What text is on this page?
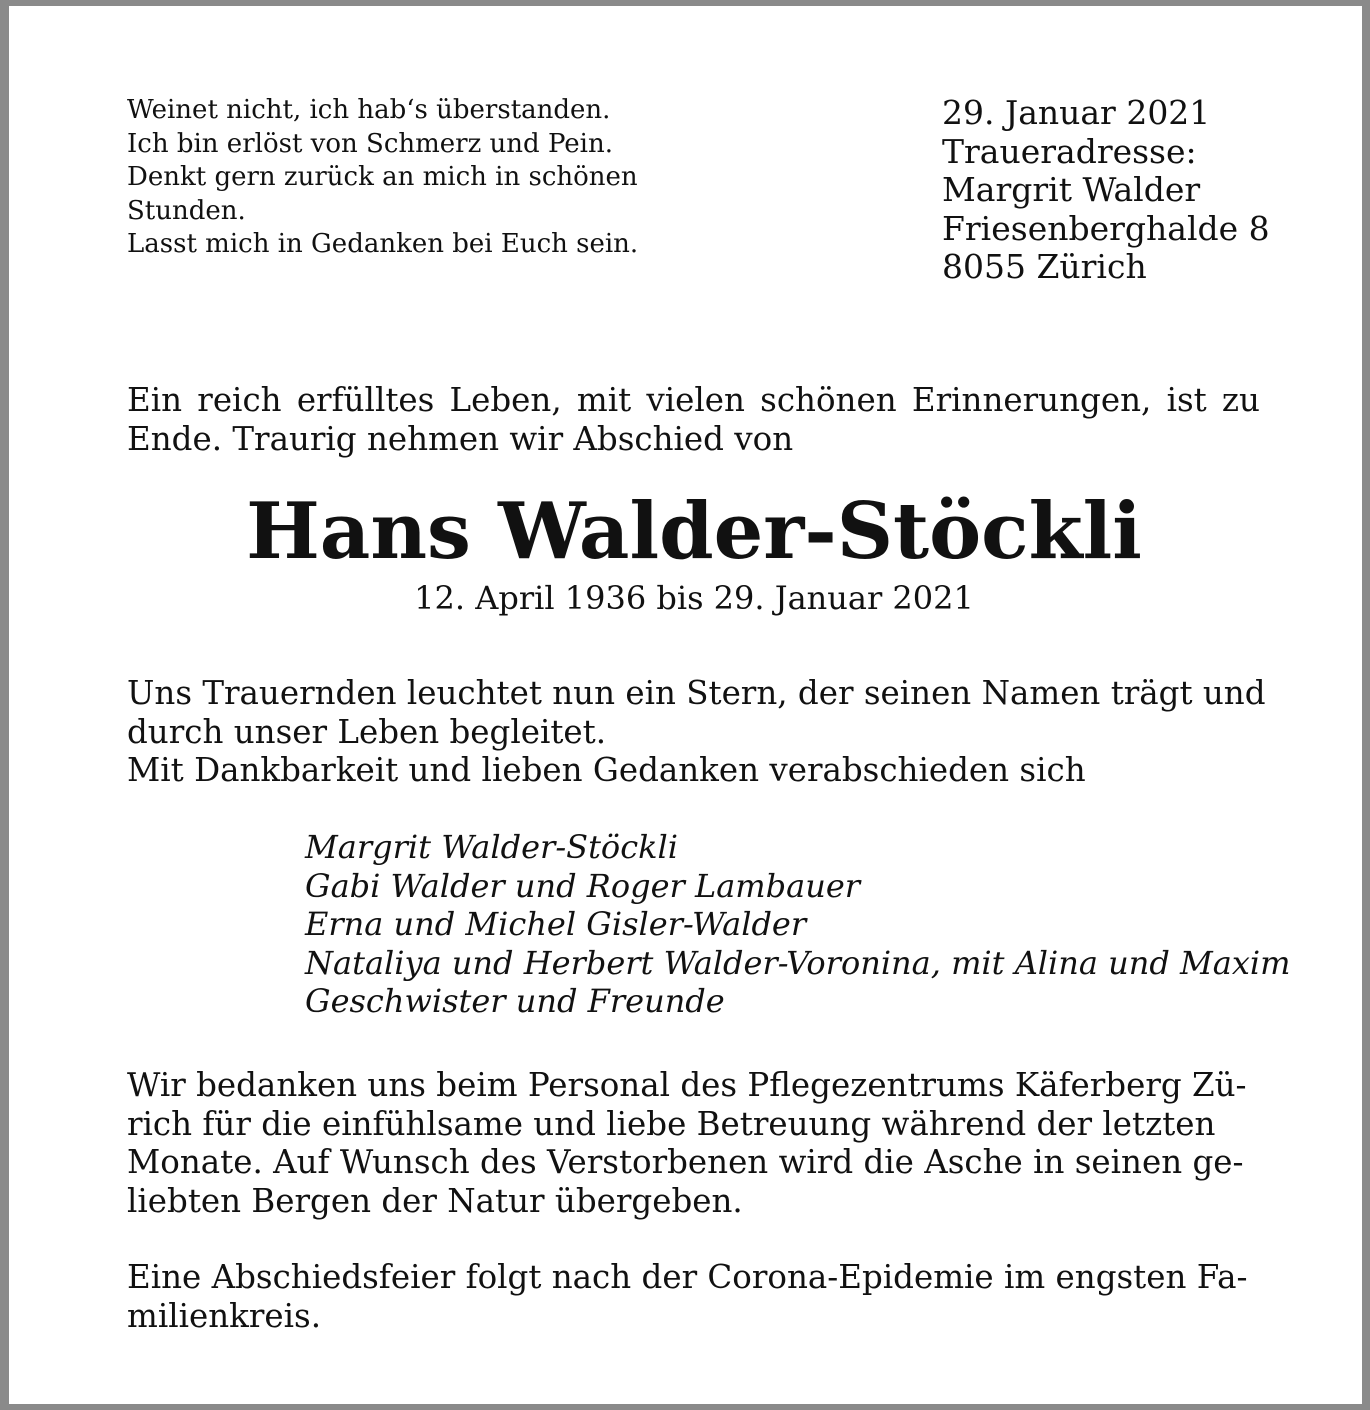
Weinet nicht, ich hab‘s überstanden.
Ich bin erlöst von Schmerz und Pein.
Denkt gern zurück an mich in schönen
Stunden.
Lasst mich in Gedanken bei Euch sein.
29. Januar 2021
Traueradresse:
Margrit Walder
Friesenberghalde 8
8055 Zürich
Ein reich erfülltes Leben, mit vielen schönen Erinnerungen, ist zu Ende. Traurig nehmen wir Abschied von
Hans Walder-Stöckli
12. April 1936 bis 29. Januar 2021
Uns Trauernden leuchtet nun ein Stern, der seinen Namen trägt und
durch unser Leben begleitet.
Mit Dankbarkeit und lieben Gedanken verabschieden sich
Margrit Walder-Stöckli
Gabi Walder und Roger Lambauer
Erna und Michel Gisler-Walder
Nataliya und Herbert Walder-Voronina, mit Alina und Maxim
Geschwister und Freunde
Wir bedanken uns beim Personal des Pflegezentrums Käferberg Zü-
rich für die einfühlsame und liebe Betreuung während der letzten
Monate. Auf Wunsch des Verstorbenen wird die Asche in seinen ge-
liebten Bergen der Natur übergeben.
Eine Abschiedsfeier folgt nach der Corona-Epidemie im engsten Fa-
milienkreis.
